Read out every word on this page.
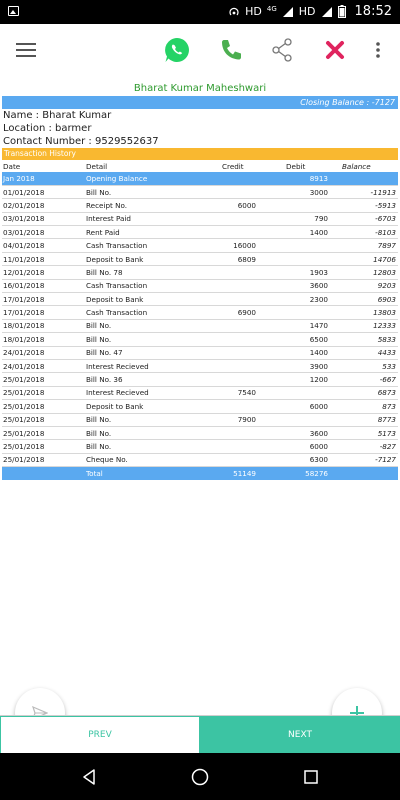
HD 4G HD	18:52
Bharat Kumar Maheshwari
Closing Balance : -7127
Name : Bharat Kumar
Location : barmer
Contact Number : 9529552637
Transaction History
Date	Detail	Credit	Debit	Balance
Jan 2018	Opening Balance		8913	
01/01/2018	Bill No.		3000	-11913
02/01/2018	Receipt No.	6000		-5913
03/01/2018	Interest Paid		790	-6703
03/01/2018	Rent Paid		1400	-8103
04/01/2018	Cash Transaction	16000		7897
11/01/2018	Deposit to Bank	6809		14706
12/01/2018	Bill No. 78		1903	12803
16/01/2018	Cash Transaction		3600	9203
17/01/2018	Deposit to Bank		2300	6903
17/01/2018	Cash Transaction	6900		13803
18/01/2018	Bill No.		1470	12333
18/01/2018	Bill No.		6500	5833
24/01/2018	Bill No. 47		1400	4433
24/01/2018	Interest Recieved		3900	533
25/01/2018	Bill No. 36		1200	-667
25/01/2018	Interest Recieved	7540		6873
25/01/2018	Deposit to Bank		6000	873
25/01/2018	Bill No.	7900		8773
25/01/2018	Bill No.		3600	5173
25/01/2018	Bill No.		6000	-827
25/01/2018	Cheque No.		6300	-7127
	Total	51149	58276	
PREV	NEXT
